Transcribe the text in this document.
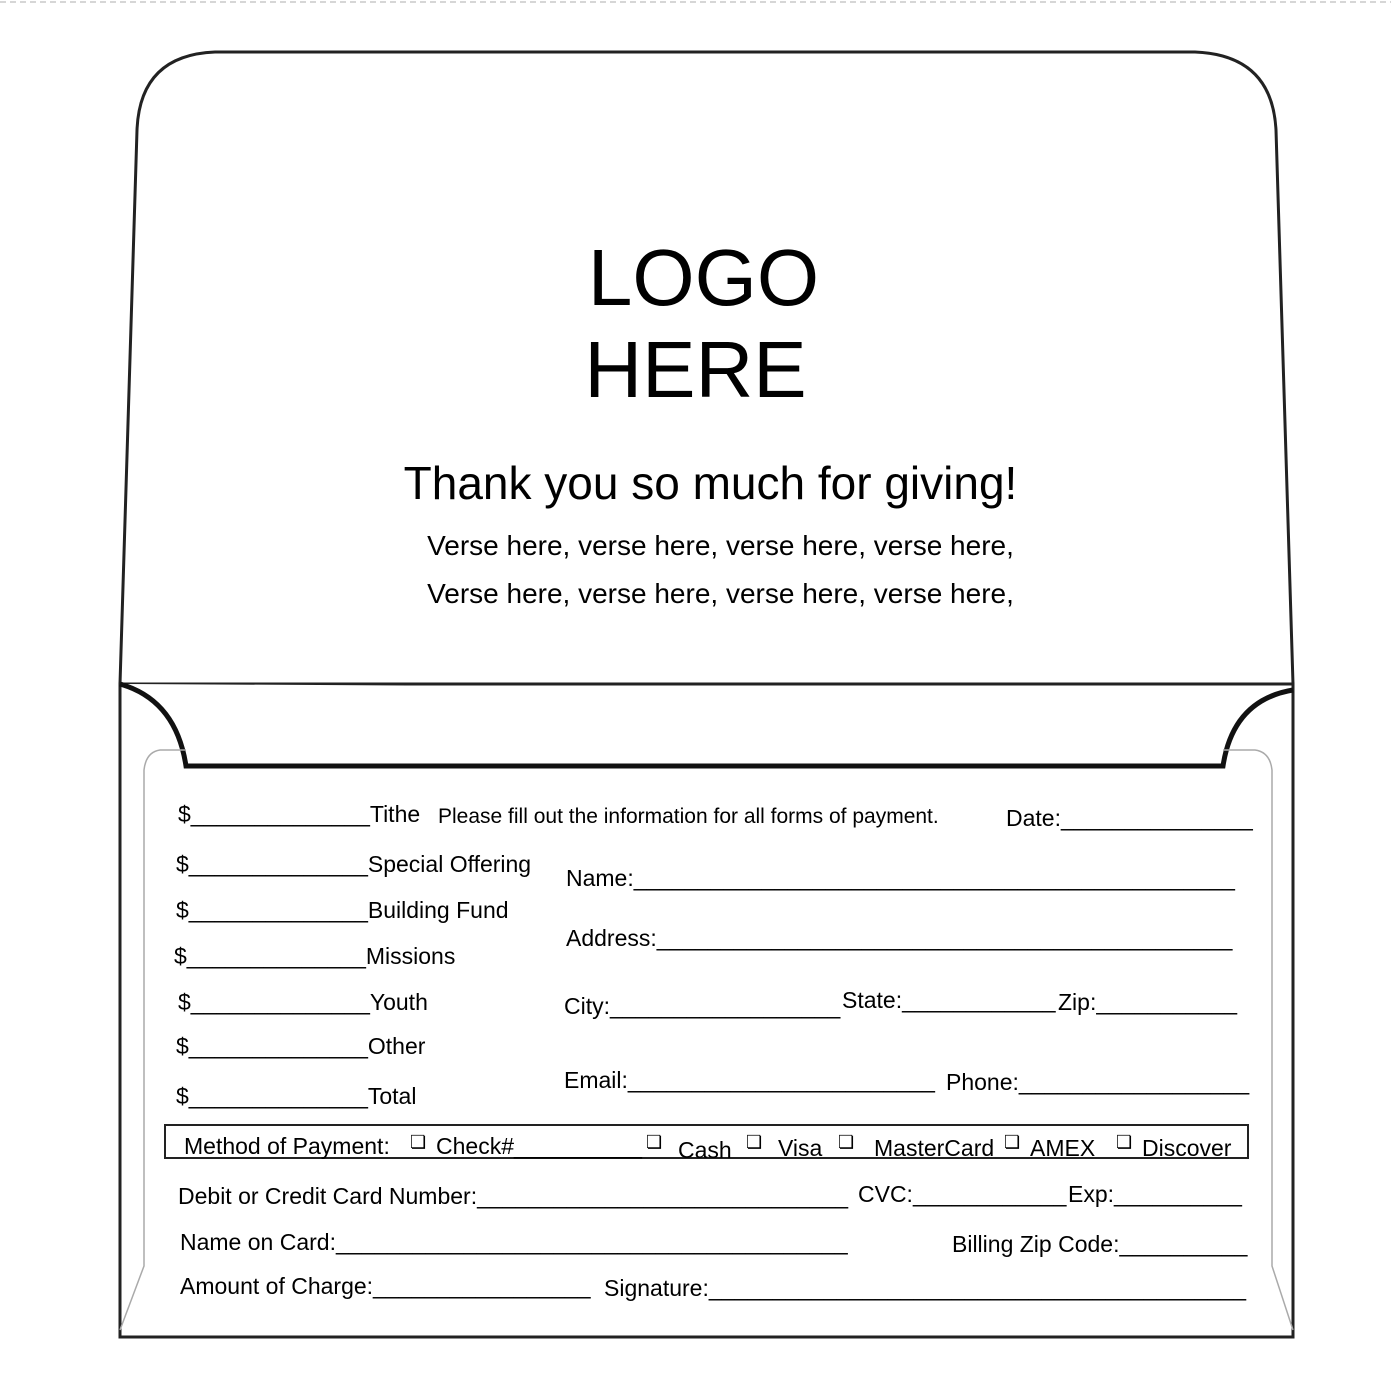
LOGO
HERE
Thank you so much for giving!
Verse here, verse here, verse here, verse here,
Verse here, verse here, verse here, verse here,
$______________Tithe
$______________Special Offering
$______________Building Fund
$______________Missions
$______________Youth
$______________Other
$______________Total
Please fill out the information for all forms of payment.	Date:_______________
Name:_______________________________________________
Address:_____________________________________________
City:__________________ State:____________ Zip:___________
Email:________________________ Phone:__________________
Method of Payment: ❏ Check#__________ ❏ Cash ❏ Visa ❏ MasterCard ❏ AMEX ❏ Discover
Debit or Credit Card Number:_____________________________ CVC:____________ Exp:__________
Name on Card:________________________________________	Billing Zip Code:__________
Amount of Charge:_________________ Signature:__________________________________________
